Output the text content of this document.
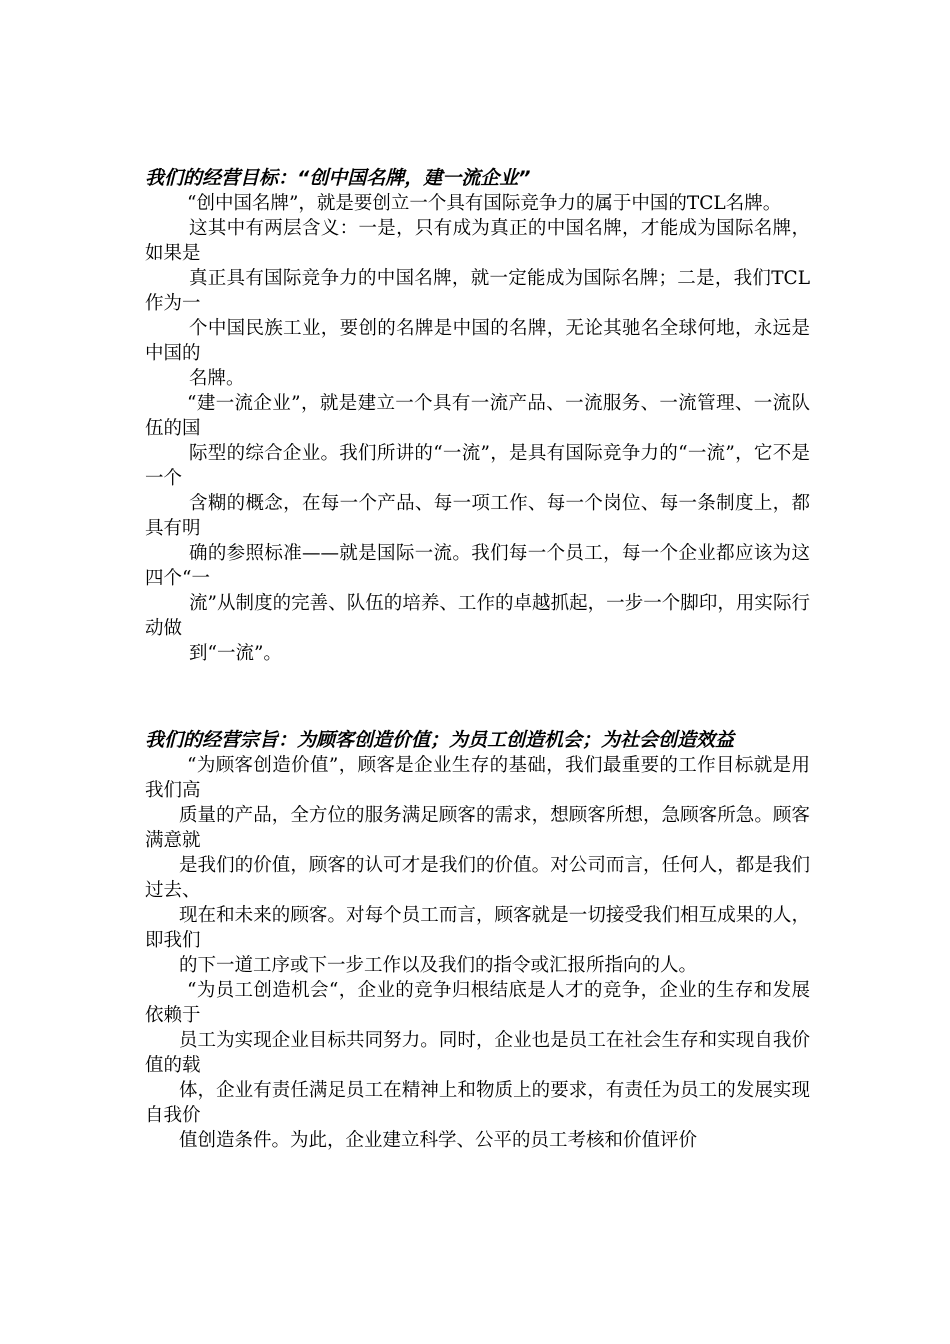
我们的经营目标：“创中国名牌，建一流企业”

“创中国名牌”，就是要创立一个具有国际竞争力的属于中国的TCL名牌。

这其中有两层含义：一是，只有成为真正的中国名牌，才能成为国际名牌，如果是

真正具有国际竞争力的中国名牌，就一定能成为国际名牌；二是，我们TCL作为一

个中国民族工业，要创的名牌是中国的名牌，无论其驰名全球何地，永远是中国的

名牌。

“建一流企业”，就是建立一个具有一流产品、一流服务、一流管理、一流队伍的国

际型的综合企业。我们所讲的“一流”，是具有国际竞争力的“一流”，它不是一个

含糊的概念，在每一个产品、每一项工作、每一个岗位、每一条制度上，都具有明

确的参照标准——就是国际一流。我们每一个员工，每一个企业都应该为这四个“一

流”从制度的完善、队伍的培养、工作的卓越抓起，一步一个脚印，用实际行动做

到“一流”。

我们的经营宗旨：为顾客创造价值；为员工创造机会；为社会创造效益

“为顾客创造价值”，顾客是企业生存的基础，我们最重要的工作目标就是用我们高

质量的产品，全方位的服务满足顾客的需求，想顾客所想，急顾客所急。顾客满意就

是我们的价值，顾客的认可才是我们的价值。对公司而言，任何人，都是我们过去、

现在和未来的顾客。对每个员工而言，顾客就是一切接受我们相互成果的人，即我们

的下一道工序或下一步工作以及我们的指令或汇报所指向的人。

“为员工创造机会“，企业的竞争归根结底是人才的竞争，企业的生存和发展依赖于

员工为实现企业目标共同努力。同时，企业也是员工在社会生存和实现自我价值的载

体，企业有责任满足员工在精神上和物质上的要求，有责任为员工的发展实现自我价

值创造条件。为此，企业建立科学、公平的员工考核和价值评价
